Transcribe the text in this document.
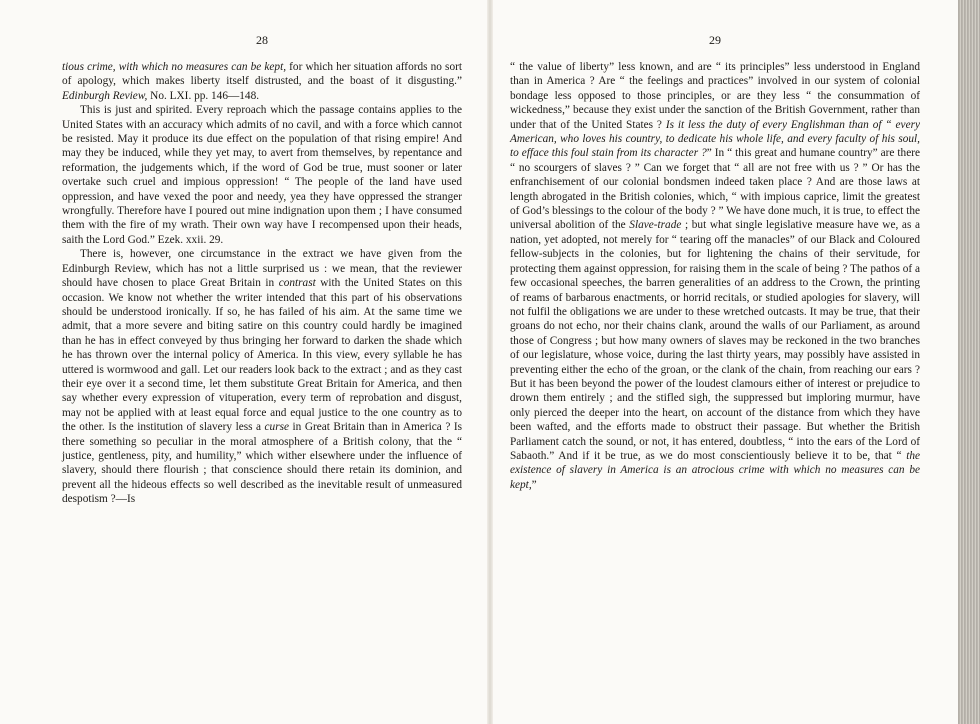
28

tious crime, with which no measures can be kept, for which her situation affords no sort of apology, which makes liberty itself distrusted, and the boast of it disgusting.” Edinburgh Review, No. LXI. pp. 146—148.

This is just and spirited. Every reproach which the passage contains applies to the United States with an accuracy which admits of no cavil, and with a force which cannot be resisted. May it produce its due effect on the population of that rising empire! And may they be induced, while they yet may, to avert from themselves, by repentance and reformation, the judgements which, if the word of God be true, must sooner or later overtake such cruel and impious oppression! “ The people of the land have used oppression, and have vexed the poor and needy, yea they have oppressed the stranger wrongfully. Therefore have I poured out mine indignation upon them ; I have consumed them with the fire of my wrath. Their own way have I recompensed upon their heads, saith the Lord God.” Ezek. xxii. 29.

There is, however, one circumstance in the extract we have given from the Edinburgh Review, which has not a little surprised us : we mean, that the reviewer should have chosen to place Great Britain in contrast with the United States on this occasion. We know not whether the writer intended that this part of his observations should be understood ironically. If so, he has failed of his aim. At the same time we admit, that a more severe and biting satire on this country could hardly be imagined than he has in effect conveyed by thus bringing her forward to darken the shade which he has thrown over the internal policy of America. In this view, every syllable he has uttered is wormwood and gall. Let our readers look back to the extract ; and as they cast their eye over it a second time, let them substitute Great Britain for America, and then say whether every expression of vituperation, every term of reprobation and disgust, may not be applied with at least equal force and equal justice to the one country as to the other. Is the institution of slavery less a curse in Great Britain than in America ? Is there something so peculiar in the moral atmosphere of a British colony, that the “ justice, gentleness, pity, and humility,” which wither elsewhere under the influence of slavery, should there flourish ; that conscience should there retain its dominion, and prevent all the hideous effects so well described as the inevitable result of unmeasured despotism ?—Is

29

“ the value of liberty” less known, and are “ its principles” less understood in England than in America ? Are “ the feelings and practices” involved in our system of colonial bondage less opposed to those principles, or are they less “ the consummation of wickedness,” because they exist under the sanction of the British Government, rather than under that of the United States ? Is it less the duty of every Englishman than of “ every American, who loves his country, to dedicate his whole life, and every faculty of his soul, to efface this foul stain from its character ?” In “ this great and humane country” are there “ no scourgers of slaves ? ” Can we forget that “ all are not free with us ? ” Or has the enfranchisement of our colonial bondsmen indeed taken place ? And are those laws at length abrogated in the British colonies, which, “ with impious caprice, limit the greatest of God’s blessings to the colour of the body ? ” We have done much, it is true, to effect the universal abolition of the Slave-trade ; but what single legislative measure have we, as a nation, yet adopted, not merely for “ tearing off the manacles” of our Black and Coloured fellow-subjects in the colonies, but for lightening the chains of their servitude, for protecting them against oppression, for raising them in the scale of being ? The pathos of a few occasional speeches, the barren generalities of an address to the Crown, the printing of reams of barbarous enactments, or horrid recitals, or studied apologies for slavery, will not fulfil the obligations we are under to these wretched outcasts. It may be true, that their groans do not echo, nor their chains clank, around the walls of our Parliament, as around those of Congress ; but how many owners of slaves may be reckoned in the two branches of our legislature, whose voice, during the last thirty years, may possibly have assisted in preventing either the echo of the groan, or the clank of the chain, from reaching our ears ? But it has been beyond the power of the loudest clamours either of interest or prejudice to drown them entirely ; and the stifled sigh, the suppressed but imploring murmur, have only pierced the deeper into the heart, on account of the distance from which they have been wafted, and the efforts made to obstruct their passage. But whether the British Parliament catch the sound, or not, it has entered, doubtless, “ into the ears of the Lord of Sabaoth.” And if it be true, as we do most conscientiously believe it to be, that “ the existence of slavery in America is an atrocious crime with which no measures can be kept,”
